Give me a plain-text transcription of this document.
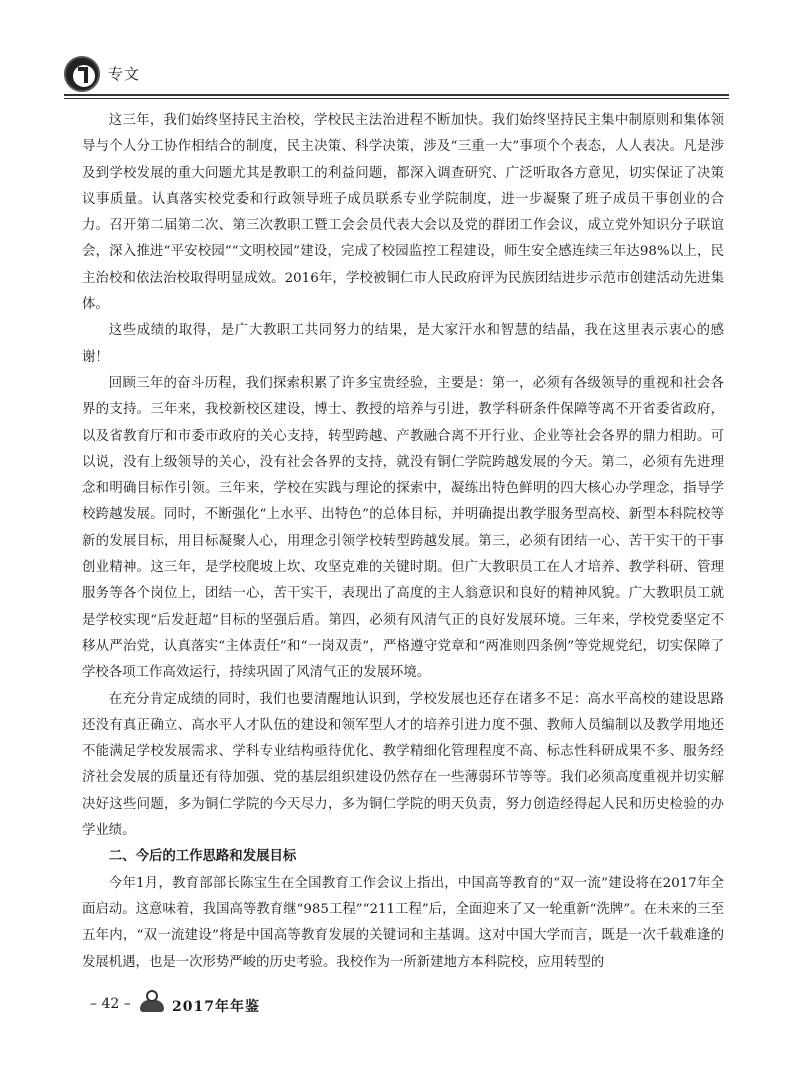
专文

这三年，我们始终坚持民主治校，学校民主法治进程不断加快。我们始终坚持民主集中制原则和集体领导与个人分工协作相结合的制度，民主决策、科学决策，涉及“三重一大”事项个个表态，人人表决。凡是涉及到学校发展的重大问题尤其是教职工的利益问题，都深入调查研究、广泛听取各方意见，切实保证了决策议事质量。认真落实校党委和行政领导班子成员联系专业学院制度，进一步凝聚了班子成员干事创业的合力。召开第二届第二次、第三次教职工暨工会会员代表大会以及党的群团工作会议，成立党外知识分子联谊会，深入推进“平安校园”“文明校园”建设，完成了校园监控工程建设，师生安全感连续三年达98%以上，民主治校和依法治校取得明显成效。2016年，学校被铜仁市人民政府评为民族团结进步示范市创建活动先进集体。

这些成绩的取得，是广大教职工共同努力的结果，是大家汗水和智慧的结晶，我在这里表示衷心的感谢！

回顾三年的奋斗历程，我们探索积累了许多宝贵经验，主要是：第一，必须有各级领导的重视和社会各界的支持。三年来，我校新校区建设，博士、教授的培养与引进，教学科研条件保障等离不开省委省政府，以及省教育厅和市委市政府的关心支持，转型跨越、产教融合离不开行业、企业等社会各界的鼎力相助。可以说，没有上级领导的关心，没有社会各界的支持，就没有铜仁学院跨越发展的今天。第二，必须有先进理念和明确目标作引领。三年来，学校在实践与理论的探索中，凝练出特色鲜明的四大核心办学理念，指导学校跨越发展。同时，不断强化“上水平、出特色”的总体目标，并明确提出教学服务型高校、新型本科院校等新的发展目标，用目标凝聚人心，用理念引领学校转型跨越发展。第三，必须有团结一心、苦干实干的干事创业精神。这三年，是学校爬坡上坎、攻坚克难的关键时期。但广大教职员工在人才培养、教学科研、管理服务等各个岗位上，团结一心，苦干实干，表现出了高度的主人翁意识和良好的精神风貌。广大教职员工就是学校实现“后发赶超”目标的坚强后盾。第四，必须有风清气正的良好发展环境。三年来，学校党委坚定不移从严治党，认真落实“主体责任”和“一岗双责”，严格遵守党章和“两准则四条例”等党规党纪，切实保障了学校各项工作高效运行，持续巩固了风清气正的发展环境。

在充分肯定成绩的同时，我们也要清醒地认识到，学校发展也还存在诸多不足：高水平高校的建设思路还没有真正确立、高水平人才队伍的建设和领军型人才的培养引进力度不强、教师人员编制以及教学用地还不能满足学校发展需求、学科专业结构亟待优化、教学精细化管理程度不高、标志性科研成果不多、服务经济社会发展的质量还有待加强、党的基层组织建设仍然存在一些薄弱环节等等。我们必须高度重视并切实解决好这些问题，多为铜仁学院的今天尽力，多为铜仁学院的明天负责，努力创造经得起人民和历史检验的办学业绩。

二、今后的工作思路和发展目标

今年1月，教育部部长陈宝生在全国教育工作会议上指出，中国高等教育的“双一流”建设将在2017年全面启动。这意味着，我国高等教育继“985工程”“211工程”后，全面迎来了又一轮重新“洗牌”。在未来的三至五年内，“双一流建设”将是中国高等教育发展的关键词和主基调。这对中国大学而言，既是一次千载难逢的发展机遇，也是一次形势严峻的历史考验。我校作为一所新建地方本科院校，应用转型的

– 42 –	2017年年鉴
